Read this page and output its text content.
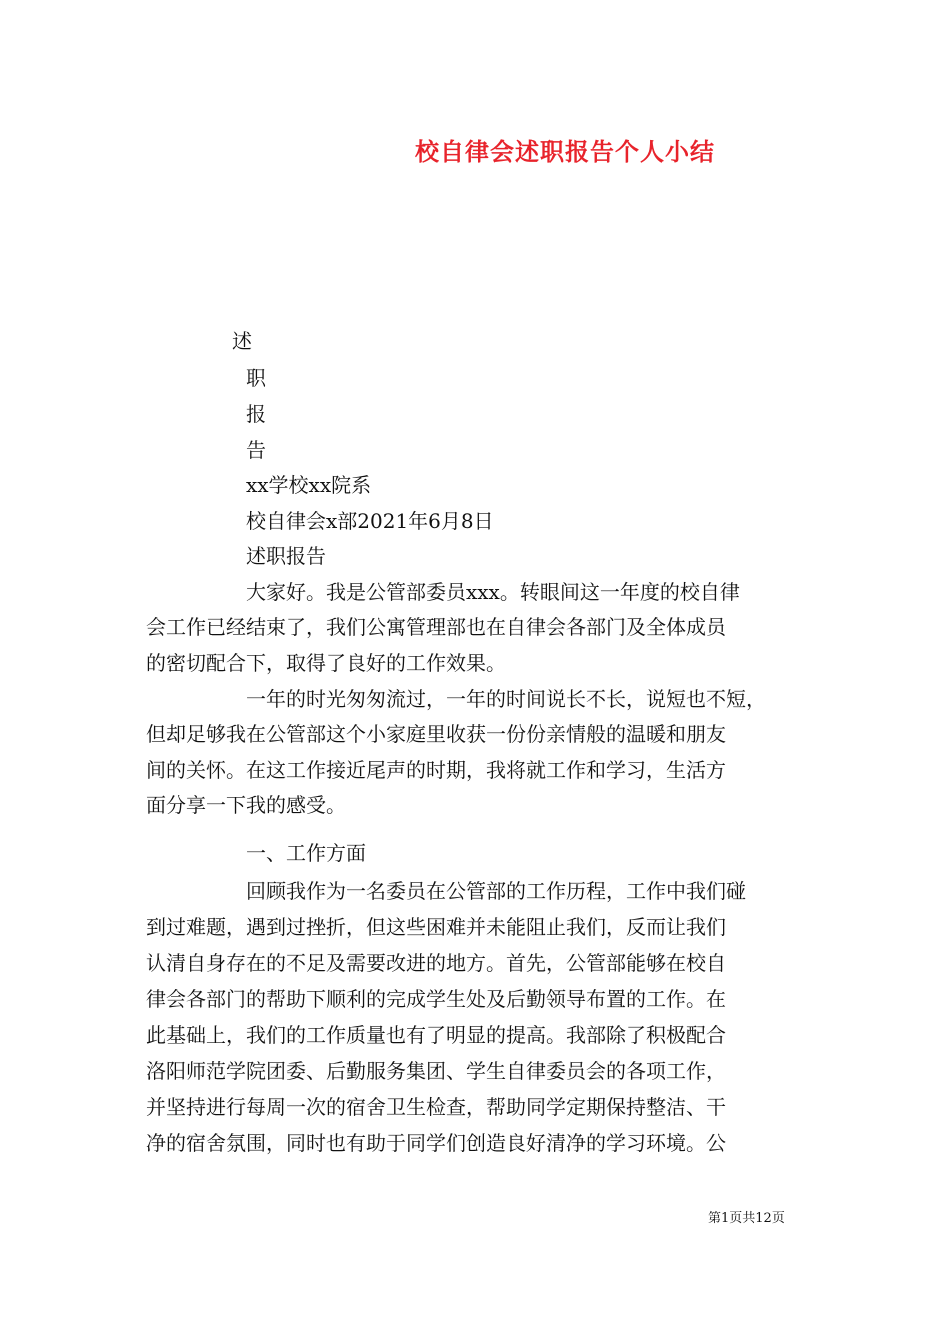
校自律会述职报告个人小结
述
职
报
告
xx学校xx院系
校自律会x部2021年6月8日
述职报告
大家好。我是公管部委员xxx。转眼间这一年度的校自律
会工作已经结束了，我们公寓管理部也在自律会各部门及全体成员
的密切配合下，取得了良好的工作效果。
一年的时光匆匆流过，一年的时间说长不长，说短也不短，
但却足够我在公管部这个小家庭里收获一份份亲情般的温暖和朋友
间的关怀。在这工作接近尾声的时期，我将就工作和学习，生活方
面分享一下我的感受。
一、工作方面
回顾我作为一名委员在公管部的工作历程，工作中我们碰
到过难题，遇到过挫折，但这些困难并未能阻止我们，反而让我们
认清自身存在的不足及需要改进的地方。首先，公管部能够在校自
律会各部门的帮助下顺利的完成学生处及后勤领导布置的工作。在
此基础上，我们的工作质量也有了明显的提高。我部除了积极配合
洛阳师范学院团委、后勤服务集团、学生自律委员会的各项工作，
并坚持进行每周一次的宿舍卫生检查，帮助同学定期保持整洁、干
净的宿舍氛围，同时也有助于同学们创造良好清净的学习环境。公
第1页共12页
